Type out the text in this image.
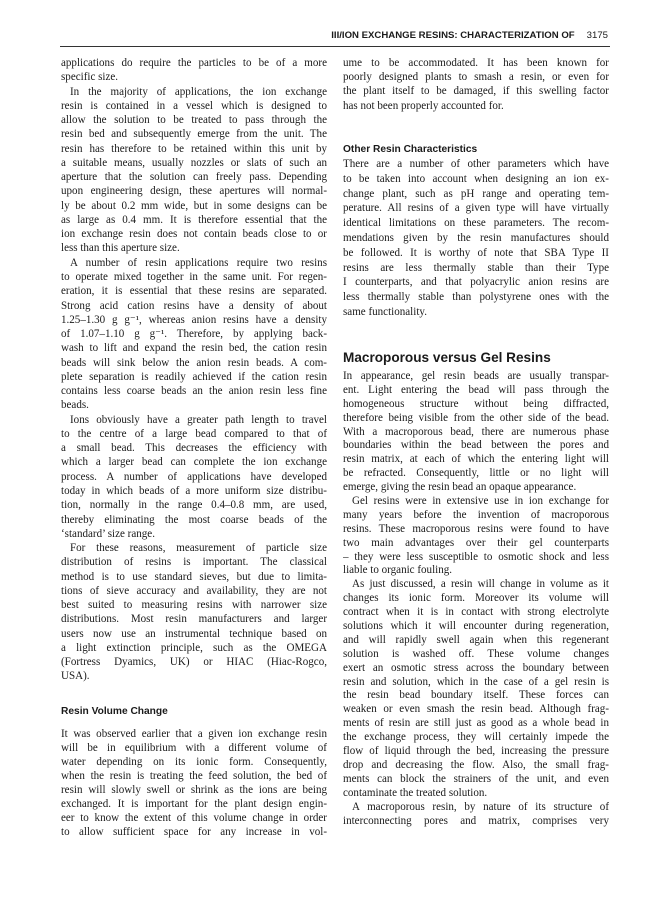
III/ION EXCHANGE RESINS: CHARACTERIZATION OF 3175
applications do require the particles to be of a more
specific size.
In the majority of applications, the ion exchange
resin is contained in a vessel which is designed to
allow the solution to be treated to pass through the
resin bed and subsequently emerge from the unit. The
resin has therefore to be retained within this unit by
a suitable means, usually nozzles or slats of such an
aperture that the solution can freely pass. Depending
upon engineering design, these apertures will normal-
ly be about 0.2 mm wide, but in some designs can be
as large as 0.4 mm. It is therefore essential that the
ion exchange resin does not contain beads close to or
less than this aperture size.
A number of resin applications require two resins
to operate mixed together in the same unit. For regen-
eration, it is essential that these resins are separated.
Strong acid cation resins have a density of about
1.25–1.30 g g⁻¹, whereas anion resins have a density
of 1.07–1.10 g g⁻¹. Therefore, by applying back-
wash to lift and expand the resin bed, the cation resin
beads will sink below the anion resin beads. A com-
plete separation is readily achieved if the cation resin
contains less coarse beads an the anion resin less fine
beads.
Ions obviously have a greater path length to travel
to the centre of a large bead compared to that of
a small bead. This decreases the efficiency with
which a larger bead can complete the ion exchange
process. A number of applications have developed
today in which beads of a more uniform size distribu-
tion, normally in the range 0.4–0.8 mm, are used,
thereby eliminating the most coarse beads of the
‘standard’ size range.
For these reasons, measurement of particle size
distribution of resins is important. The classical
method is to use standard sieves, but due to limita-
tions of sieve accuracy and availability, they are not
best suited to measuring resins with narrower size
distributions. Most resin manufacturers and larger
users now use an instrumental technique based on
a light extinction principle, such as the OMEGA
(Fortress Dyamics, UK) or HIAC (Hiac-Rogco,
USA).
Resin Volume Change
It was observed earlier that a given ion exchange resin
will be in equilibrium with a different volume of
water depending on its ionic form. Consequently,
when the resin is treating the feed solution, the bed of
resin will slowly swell or shrink as the ions are being
exchanged. It is important for the plant design engin-
eer to know the extent of this volume change in order
to allow sufficient space for any increase in vol-
ume to be accommodated. It has been known for
poorly designed plants to smash a resin, or even for
the plant itself to be damaged, if this swelling factor
has not been properly accounted for.
Other Resin Characteristics
There are a number of other parameters which have
to be taken into account when designing an ion ex-
change plant, such as pH range and operating tem-
perature. All resins of a given type will have virtually
identical limitations on these parameters. The recom-
mendations given by the resin manufactures should
be followed. It is worthy of note that SBA Type II
resins are less thermally stable than their Type
I counterparts, and that polyacrylic anion resins are
less thermally stable than polystyrene ones with the
same functionality.
Macroporous versus Gel Resins
In appearance, gel resin beads are usually transpar-
ent. Light entering the bead will pass through the
homogeneous structure without being diffracted,
therefore being visible from the other side of the bead.
With a macroporous bead, there are numerous phase
boundaries within the bead between the pores and
resin matrix, at each of which the entering light will
be refracted. Consequently, little or no light will
emerge, giving the resin bead an opaque appearance.
Gel resins were in extensive use in ion exchange for
many years before the invention of macroporous
resins. These macroporous resins were found to have
two main advantages over their gel counterparts
– they were less susceptible to osmotic shock and less
liable to organic fouling.
As just discussed, a resin will change in volume as it
changes its ionic form. Moreover its volume will
contract when it is in contact with strong electrolyte
solutions which it will encounter during regeneration,
and will rapidly swell again when this regenerant
solution is washed off. These volume changes
exert an osmotic stress across the boundary between
resin and solution, which in the case of a gel resin is
the resin bead boundary itself. These forces can
weaken or even smash the resin bead. Although frag-
ments of resin are still just as good as a whole bead in
the exchange process, they will certainly impede the
flow of liquid through the bed, increasing the pressure
drop and decreasing the flow. Also, the small frag-
ments can block the strainers of the unit, and even
contaminate the treated solution.
A macroporous resin, by nature of its structure of
interconnecting pores and matrix, comprises very
